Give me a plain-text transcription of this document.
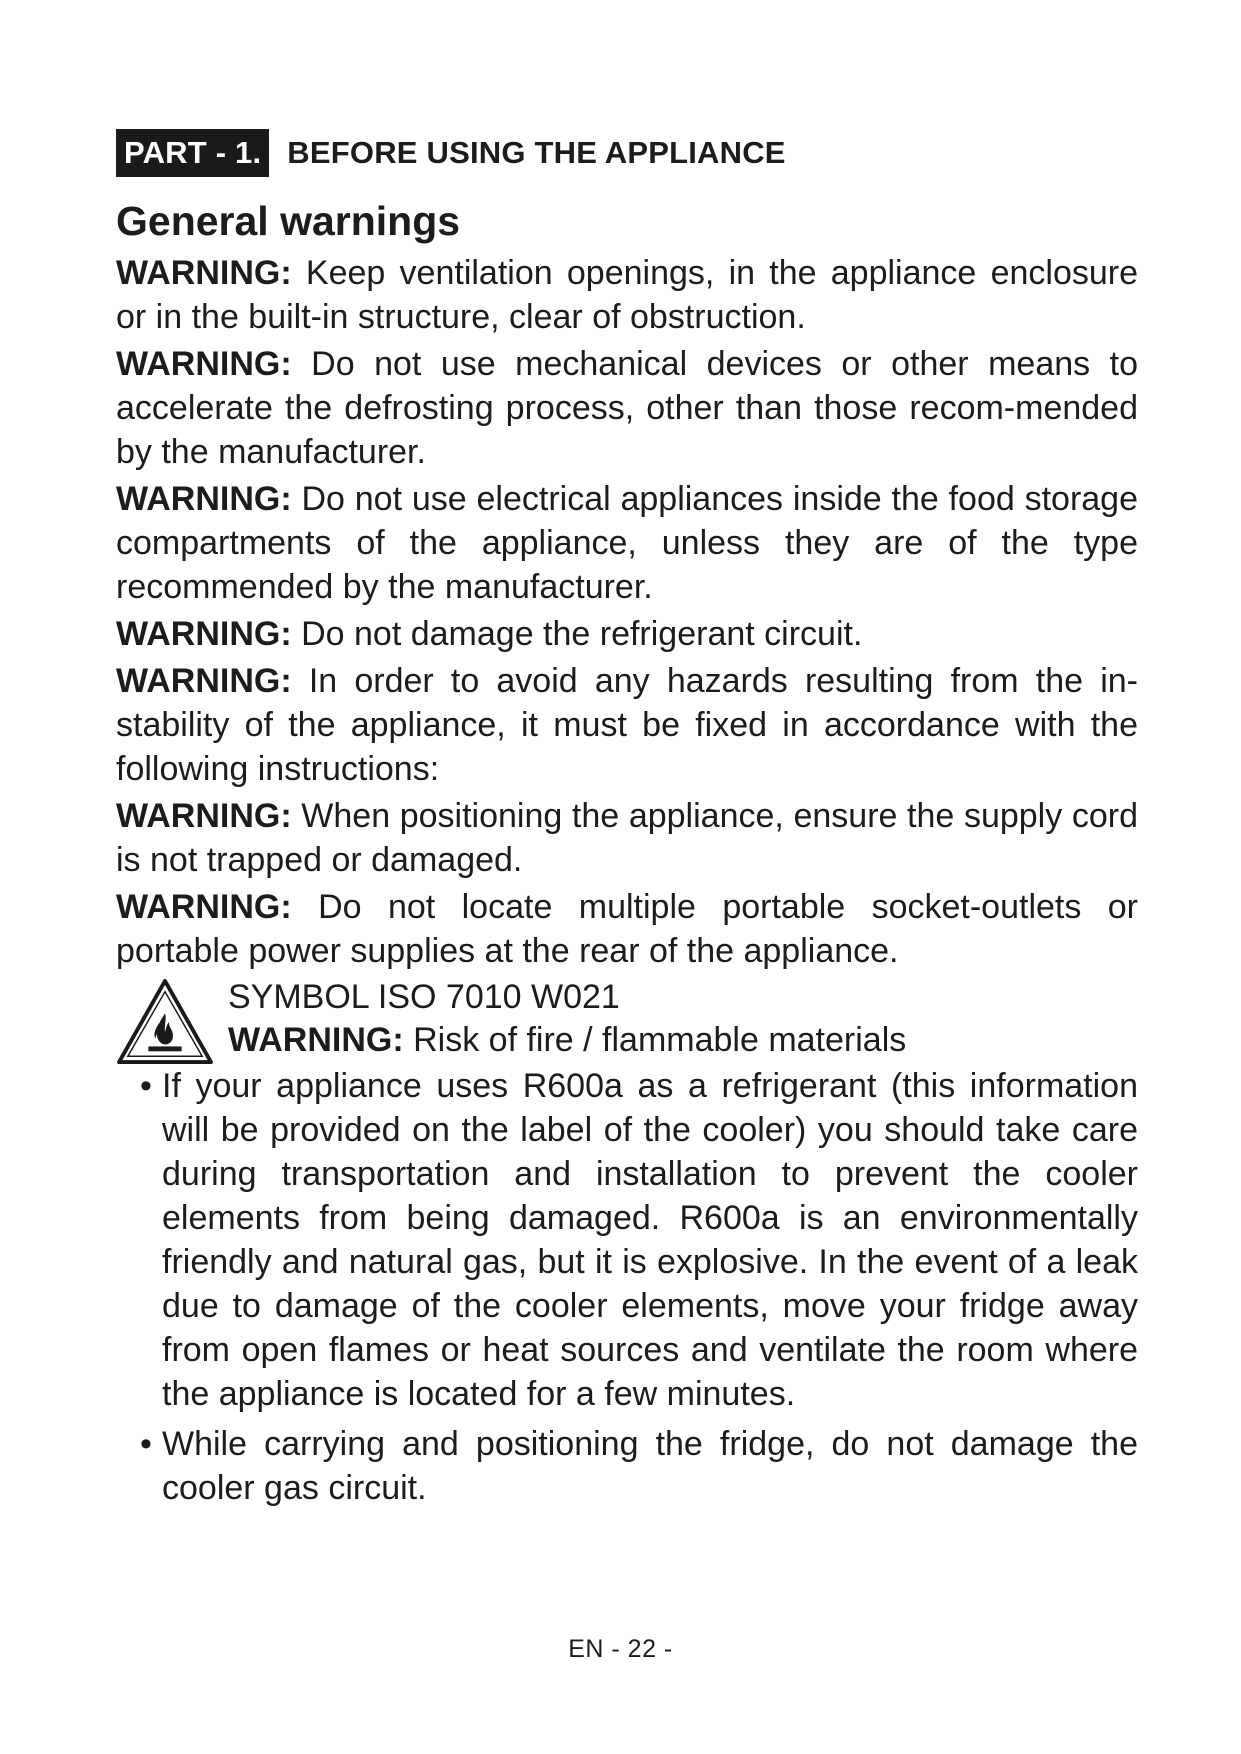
PART - 1. BEFORE USING THE APPLIANCE
General warnings

WARNING: Keep ventilation openings, in the appliance enclosure or in the built-in structure, clear of obstruction.

WARNING: Do not use mechanical devices or other means to accelerate the defrosting process, other than those recom-mended by the manufacturer.

WARNING: Do not use electrical appliances inside the food storage compartments of the appliance, unless they are of the type recommended by the manufacturer.

WARNING: Do not damage the refrigerant circuit.

WARNING: In order to avoid any hazards resulting from the in-stability of the appliance, it must be fixed in accordance with the following instructions:

WARNING: When positioning the appliance, ensure the supply cord is not trapped or damaged.

WARNING: Do not locate multiple portable socket-outlets or portable power supplies at the rear of the appliance.

SYMBOL ISO 7010 W021
WARNING: Risk of fire / flammable materials
• If your appliance uses R600a as a refrigerant (this information will be provided on the label of the cooler) you should take care during transportation and installation to prevent the cooler elements from being damaged. R600a is an environmentally friendly and natural gas, but it is explosive. In the event of a leak due to damage of the cooler elements, move your fridge away from open flames or heat sources and ventilate the room where the appliance is located for a few minutes.
• While carrying and positioning the fridge, do not damage the cooler gas circuit.
EN - 22 -
